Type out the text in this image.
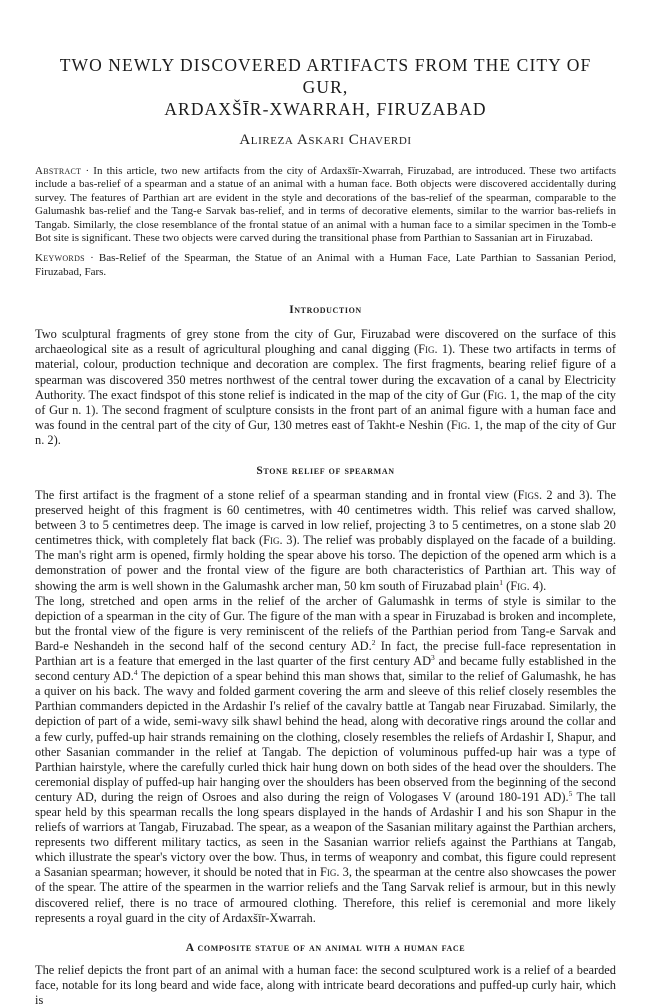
TWO NEWLY DISCOVERED ARTIFACTS FROM THE CITY OF GUR,
ARDAXŠĪR-XWARRAH, FIRUZABAD
Alireza Askari Chaverdi

Abstract · In this article, two new artifacts from the city of Ardaxšīr-Xwarrah, Firuzabad, are introduced. These two artifacts include a bas-relief of a spearman and a statue of an animal with a human face. Both objects were discovered accidentally during survey. The features of Parthian art are evident in the style and decorations of the bas-relief of the spearman, comparable to the Galumashk bas-relief and the Tang-e Sarvak bas-relief, and in terms of decorative elements, similar to the warrior bas-reliefs in Tangab. Similarly, the close resemblance of the frontal statue of an animal with a human face to a similar specimen in the Tomb-e Bot site is significant. These two objects were carved during the transitional phase from Parthian to Sassanian art in Firuzabad.

Keywords · Bas-Relief of the Spearman, the Statue of an Animal with a Human Face, Late Parthian to Sassanian Period, Firuzabad, Fars.

Introduction

Two sculptural fragments of grey stone from the city of Gur, Firuzabad were discovered on the surface of this archaeological site as a result of agricultural ploughing and canal digging (Fig. 1). These two artifacts in terms of material, colour, production technique and decoration are complex. The first fragments, bearing relief figure of a spearman was discovered 350 metres northwest of the central tower during the excavation of a canal by Electricity Authority. The exact findspot of this stone relief is indicated in the map of the city of Gur (Fig. 1, the map of the city of Gur n. 1). The second fragment of sculpture consists in the front part of an animal figure with a human face and was found in the central part of the city of Gur, 130 metres east of Takht-e Neshin (Fig. 1, the map of the city of Gur n. 2).

Stone relief of spearman

The first artifact is the fragment of a stone relief of a spearman standing and in frontal view (Figs. 2 and 3). The preserved height of this fragment is 60 centimetres, with 40 centimetres width. This relief was carved shallow, between 3 to 5 centimetres deep. The image is carved in low relief, projecting 3 to 5 centimetres, on a stone slab 20 centimetres thick, with completely flat back (Fig. 3). The relief was probably displayed on the facade of a building. The man's right arm is opened, firmly holding the spear above his torso. The depiction of the opened arm which is a demonstration of power and the frontal view of the figure are both characteristics of Parthian art. This way of showing the arm is well shown in the Galumashk archer man, 50 km south of Firuzabad plain$^1$ (Fig. 4).

The long, stretched and open arms in the relief of the archer of Galumashk in terms of style is similar to the depiction of a spearman in the city of Gur. The figure of the man with a spear in Firuzabad is broken and incomplete, but the frontal view of the figure is very reminiscent of the reliefs of the Parthian period from Tang-e Sarvak and Bard-e Neshandeh in the second half of the second century AD.$^2$ In fact, the precise full-face representation in Parthian art is a feature that emerged in the last quarter of the first century $AD^3$ and became fully established in the second century AD.$^4$ The depiction of a spear behind this man shows that, similar to the relief of Galumashk, he has a quiver on his back. The wavy and folded garment covering the arm and sleeve of this relief closely resembles the Parthian commanders depicted in the Ardashir I's relief of the cavalry battle at Tangab near Firuzabad. Similarly, the depiction of part of a wide, semi-wavy silk shawl behind the head, along with decorative rings around the collar and a few curly, puffed-up hair strands remaining on the clothing, closely resembles the reliefs of Ardashir I, Shapur, and other Sasanian commander in the relief at Tangab. The depiction of voluminous puffed-up hair was a type of Parthian hairstyle, where the carefully curled thick hair hung down on both sides of the head over the shoulders. The ceremonial display of puffed-up hair hanging over the shoulders has been observed from the beginning of the second century AD, during the reign of Osroes and also during the reign of Vologases V (around 180-191 AD).$^5$ The tall spear held by this spearman recalls the long spears displayed in the hands of Ardashir I and his son Shapur in the reliefs of warriors at Tangab, Firuzabad. The spear, as a weapon of the Sasanian military against the Parthian archers, represents two different military tactics, as seen in the Sasanian warrior reliefs against the Parthians at Tangab, which illustrate the spear's victory over the bow. Thus, in terms of weaponry and combat, this figure could represent a Sasanian spearman; however, it should be noted that in Fig. 3, the spearman at the centre also showcases the power of the spear. The attire of the spearmen in the warrior reliefs and the Tang Sarvak relief is armour, but in this newly discovered relief, there is no trace of armoured clothing. Therefore, this relief is ceremonial and more likely represents a royal guard in the city of Ardaxšīr-Xwarrah.

A composite statue of an animal with a human face

The relief depicts the front part of an animal with a human face: the second sculptured work is a relief of a bearded face, notable for its long beard and wide face, along with intricate beard decorations and puffed-up curly hair, which is
